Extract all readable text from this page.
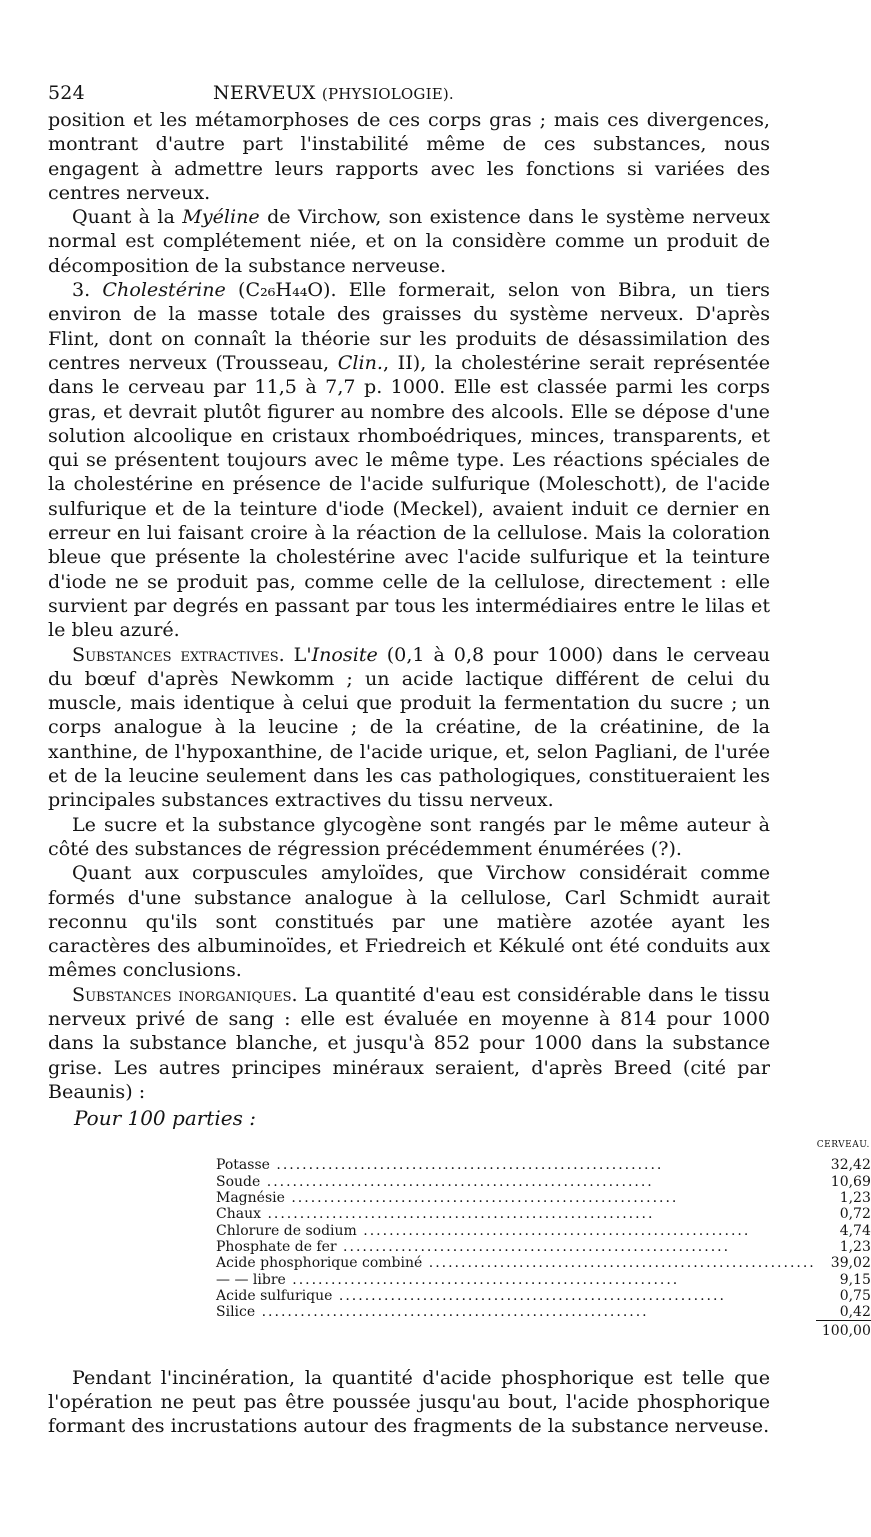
524	NERVEUX (PHYSIOLOGIE).

position et les métamorphoses de ces corps gras ; mais ces divergences, montrant d'autre part l'instabilité même de ces substances, nous engagent à admettre leurs rapports avec les fonctions si variées des centres nerveux.

Quant à la Myéline de Virchow, son existence dans le système nerveux normal est complétement niée, et on la considère comme un produit de décomposition de la substance nerveuse.

3. Cholestérine (C₂₆H₄₄O). Elle formerait, selon von Bibra, un tiers environ de la masse totale des graisses du système nerveux. D'après Flint, dont on connaît la théorie sur les produits de désassimilation des centres nerveux (Trousseau, Clin., II), la cholestérine serait représentée dans le cerveau par 11,5 à 7,7 p. 1000. Elle est classée parmi les corps gras, et devrait plutôt figurer au nombre des alcools. Elle se dépose d'une solution alcoolique en cristaux rhomboédriques, minces, transparents, et qui se présentent toujours avec le même type. Les réactions spéciales de la cholestérine en présence de l'acide sulfurique (Moleschott), de l'acide sulfurique et de la teinture d'iode (Meckel), avaient induit ce dernier en erreur en lui faisant croire à la réaction de la cellulose. Mais la coloration bleue que présente la cholestérine avec l'acide sulfurique et la teinture d'iode ne se produit pas, comme celle de la cellulose, directement : elle survient par degrés en passant par tous les intermédiaires entre le lilas et le bleu azuré.

Substances extractives. L'Inosite (0,1 à 0,8 pour 1000) dans le cerveau du bœuf d'après Newkomm ; un acide lactique différent de celui du muscle, mais identique à celui que produit la fermentation du sucre ; un corps analogue à la leucine ; de la créatine, de la créatinine, de la xanthine, de l'hypoxanthine, de l'acide urique, et, selon Pagliani, de l'urée et de la leucine seulement dans les cas pathologiques, constitueraient les principales substances extractives du tissu nerveux.

Le sucre et la substance glycogène sont rangés par le même auteur à côté des substances de régression précédemment énumérées (?).

Quant aux corpuscules amyloïdes, que Virchow considérait comme formés d'une substance analogue à la cellulose, Carl Schmidt aurait reconnu qu'ils sont constitués par une matière azotée ayant les caractères des albuminoïdes, et Friedreich et Kékulé ont été conduits aux mêmes conclusions.

Substances inorganiques. La quantité d'eau est considérable dans le tissu nerveux privé de sang : elle est évaluée en moyenne à 814 pour 1000 dans la substance blanche, et jusqu'à 852 pour 1000 dans la substance grise. Les autres principes minéraux seraient, d'après Breed (cité par Beaunis) :

Pour 100 parties :
	CERVEAU.
Potasse ............................................................	32,42
Soude ............................................................	10,69
Magnésie ............................................................	1,23
Chaux ............................................................	0,72
Chlorure de sodium ............................................................	4,74
Phosphate de fer ............................................................	1,23
Acide phosphorique combiné ............................................................	39,02
— — libre ............................................................	9,15
Acide sulfurique ............................................................	0,75
Silice ............................................................	0,42
	100,00

Pendant l'incinération, la quantité d'acide phosphorique est telle que l'opération ne peut pas être poussée jusqu'au bout, l'acide phosphorique formant des incrustations autour des fragments de la substance nerveuse.
